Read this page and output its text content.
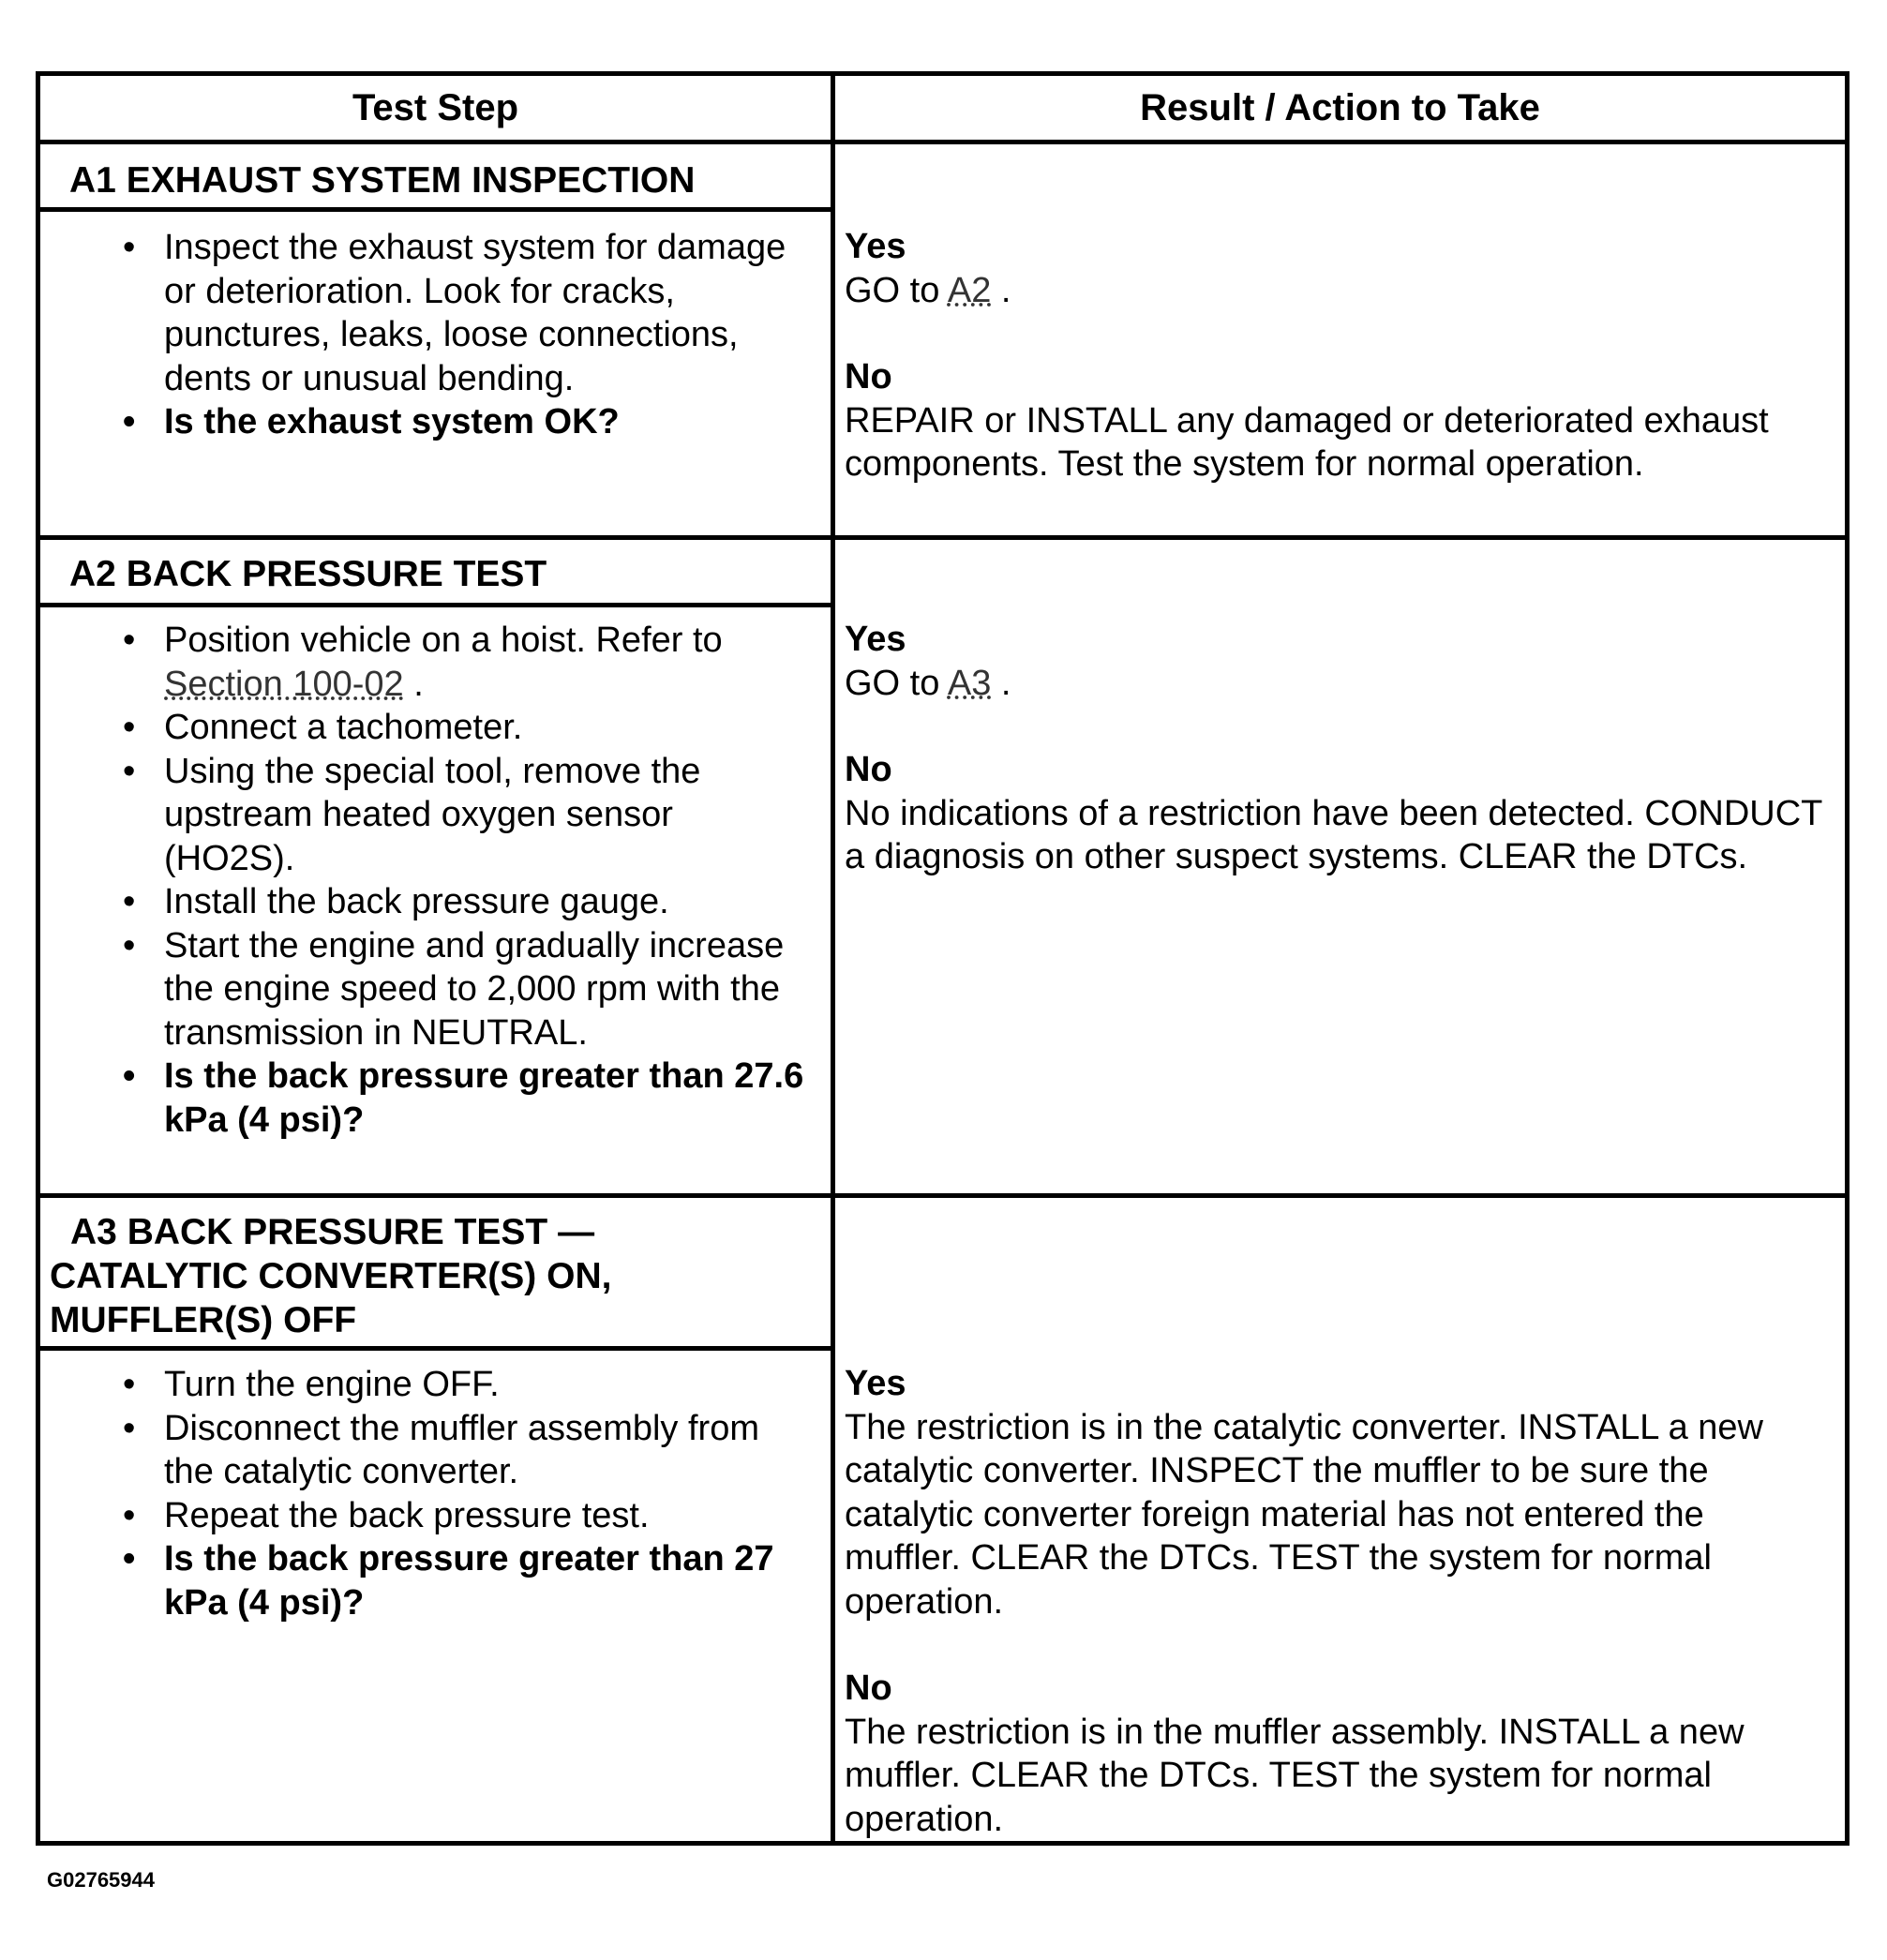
Test Step	Result / Action to Take
A1 EXHAUST SYSTEM INSPECTION
• Inspect the exhaust system for damage or deterioration. Look for cracks, punctures, leaks, loose connections, dents or unusual bending.
• Is the exhaust system OK?
Yes
GO to A2 .
No
REPAIR or INSTALL any damaged or deteriorated exhaust components. Test the system for normal operation.
A2 BACK PRESSURE TEST
• Position vehicle on a hoist. Refer to Section 100-02 .
• Connect a tachometer.
• Using the special tool, remove the upstream heated oxygen sensor (HO2S).
• Install the back pressure gauge.
• Start the engine and gradually increase the engine speed to 2,000 rpm with the transmission in NEUTRAL.
• Is the back pressure greater than 27.6 kPa (4 psi)?
Yes
GO to A3 .
No
No indications of a restriction have been detected. CONDUCT a diagnosis on other suspect systems. CLEAR the DTCs.
A3 BACK PRESSURE TEST — CATALYTIC CONVERTER(S) ON, MUFFLER(S) OFF
• Turn the engine OFF.
• Disconnect the muffler assembly from the catalytic converter.
• Repeat the back pressure test.
• Is the back pressure greater than 27 kPa (4 psi)?
Yes
The restriction is in the catalytic converter. INSTALL a new catalytic converter. INSPECT the muffler to be sure the catalytic converter foreign material has not entered the muffler. CLEAR the DTCs. TEST the system for normal operation.
No
The restriction is in the muffler assembly. INSTALL a new muffler. CLEAR the DTCs. TEST the system for normal operation.
G02765944
